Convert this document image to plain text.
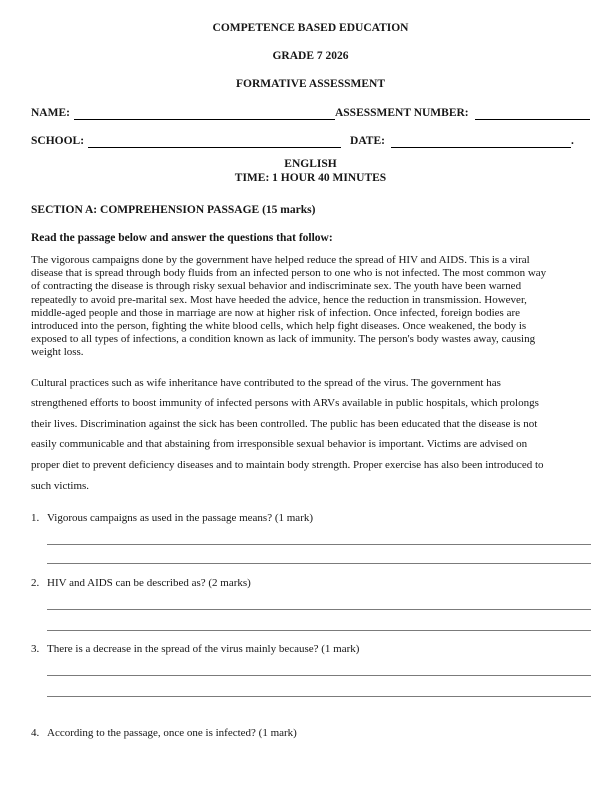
COMPETENCE BASED EDUCATION
GRADE 7 2026
FORMATIVE ASSESSMENT
NAME:	ASSESSMENT NUMBER:
SCHOOL:	DATE:	.
ENGLISH
TIME: 1 HOUR 40 MINUTES
SECTION A: COMPREHENSION PASSAGE (15 marks)
Read the passage below and answer the questions that follow:
The vigorous campaigns done by the government have helped reduce the spread of HIV and AIDS. This is a viral
disease that is spread through body fluids from an infected person to one who is not infected. The most common way
of contracting the disease is through risky sexual behavior and indiscriminate sex. The youth have been warned
repeatedly to avoid pre-marital sex. Most have heeded the advice, hence the reduction in transmission. However,
middle-aged people and those in marriage are now at higher risk of infection. Once infected, foreign bodies are
introduced into the person, fighting the white blood cells, which help fight diseases. Once weakened, the body is
exposed to all types of infections, a condition known as lack of immunity. The person's body wastes away, causing
weight loss.
Cultural practices such as wife inheritance have contributed to the spread of the virus. The government has
strengthened efforts to boost immunity of infected persons with ARVs available in public hospitals, which prolongs
their lives. Discrimination against the sick has been controlled. The public has been educated that the disease is not
easily communicable and that abstaining from irresponsible sexual behavior is important. Victims are advised on
proper diet to prevent deficiency diseases and to maintain body strength. Proper exercise has also been introduced to
such victims.
1. Vigorous campaigns as used in the passage means? (1 mark)
2. HIV and AIDS can be described as? (2 marks)
3. There is a decrease in the spread of the virus mainly because? (1 mark)
4. According to the passage, once one is infected? (1 mark)
